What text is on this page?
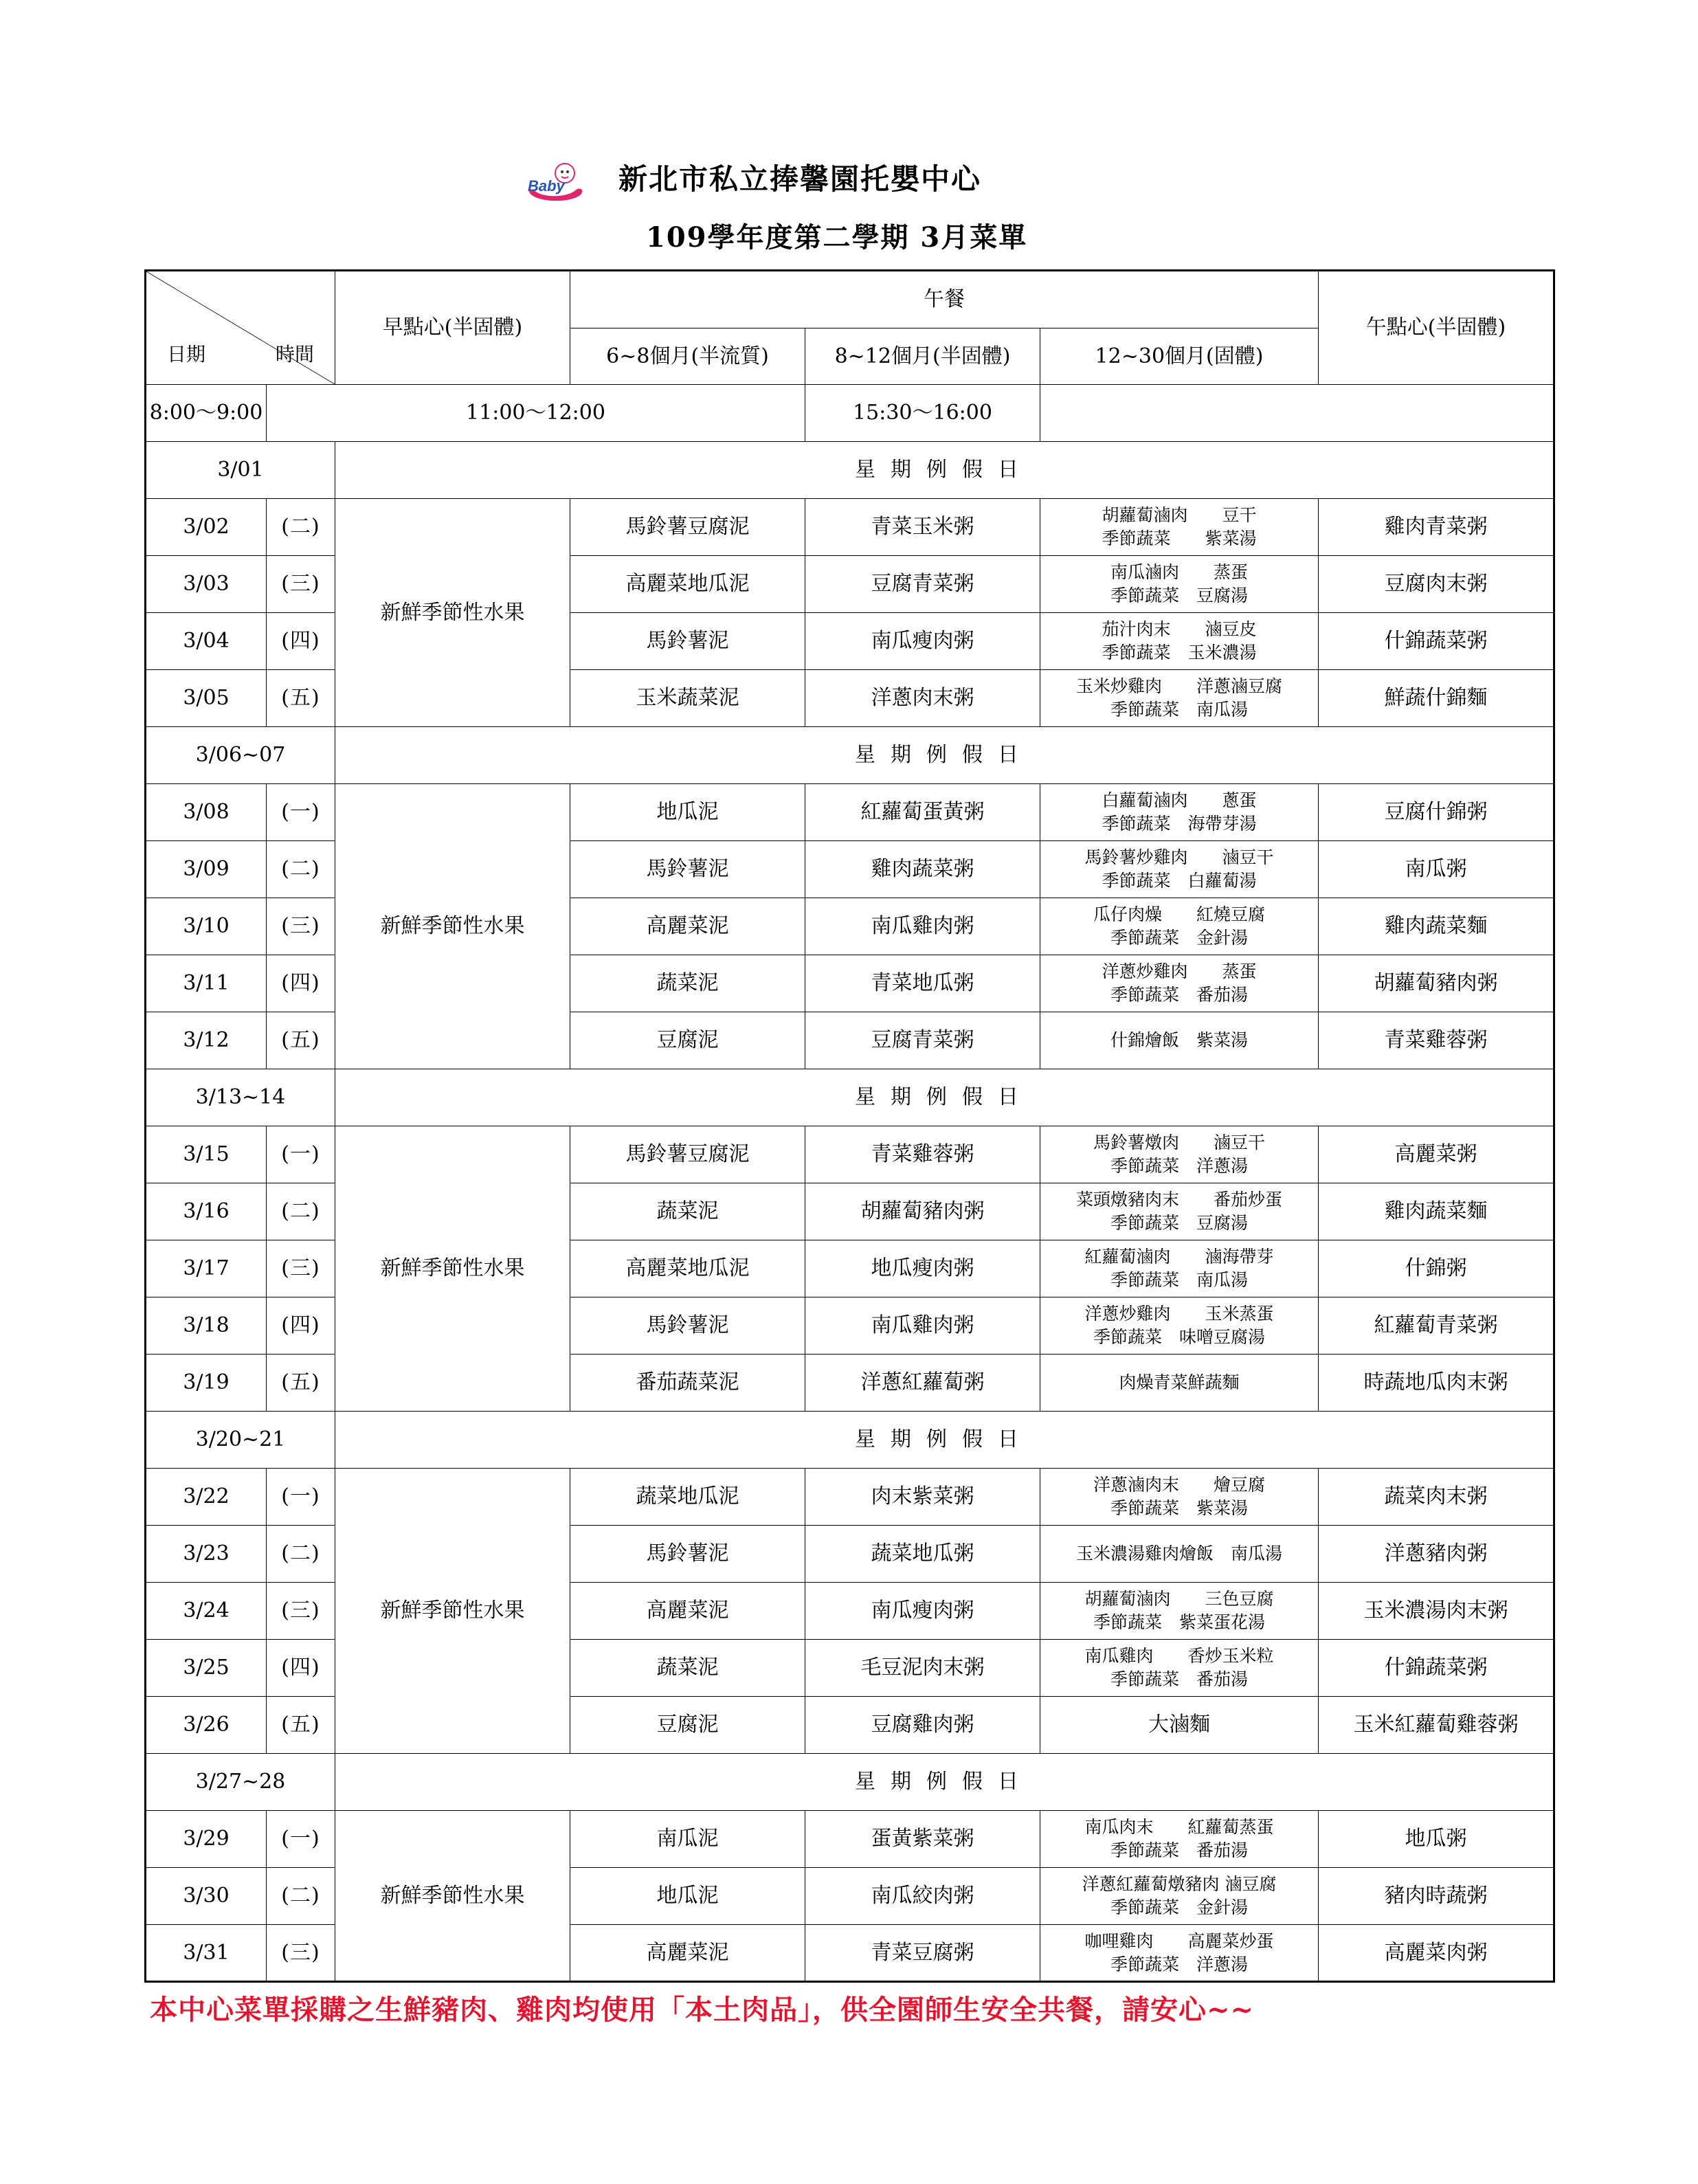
Baby 新北市私立捧馨園托嬰中心
109學年度第二學期 3月菜單
日期 時間		早點心(半固體)	午餐			午點心(半固體)
			6~8個月(半流質)	8~12個月(半固體)	12~30個月(固體)	
8:00～9:00	11:00～12:00			15:30～16:00		
3/01		星期例假日				
3/02	(二)	新鮮季節性水果	馬鈴薯豆腐泥	青菜玉米粥	胡蘿蔔滷肉　　豆干
季節蔬菜　　紫菜湯	雞肉青菜粥
3/03	(三)		高麗菜地瓜泥	豆腐青菜粥	南瓜滷肉　　蒸蛋
季節蔬菜　豆腐湯	豆腐肉末粥
3/04	(四)		馬鈴薯泥	南瓜瘦肉粥	茄汁肉末　　滷豆皮
季節蔬菜　玉米濃湯	什錦蔬菜粥
3/05	(五)		玉米蔬菜泥	洋蔥肉末粥	玉米炒雞肉　　洋蔥滷豆腐
季節蔬菜　南瓜湯	鮮蔬什錦麵
3/06~07		星期例假日				
3/08	(一)	新鮮季節性水果	地瓜泥	紅蘿蔔蛋黃粥	白蘿蔔滷肉　　蔥蛋
季節蔬菜　海帶芽湯	豆腐什錦粥
3/09	(二)		馬鈴薯泥	雞肉蔬菜粥	馬鈴薯炒雞肉　　滷豆干
季節蔬菜　白蘿蔔湯	南瓜粥
3/10	(三)		高麗菜泥	南瓜雞肉粥	瓜仔肉燥　　紅燒豆腐
季節蔬菜　金針湯	雞肉蔬菜麵
3/11	(四)		蔬菜泥	青菜地瓜粥	洋蔥炒雞肉　　蒸蛋
季節蔬菜　番茄湯	胡蘿蔔豬肉粥
3/12	(五)		豆腐泥	豆腐青菜粥	什錦燴飯　紫菜湯	青菜雞蓉粥
3/13~14		星期例假日				
3/15	(一)	新鮮季節性水果	馬鈴薯豆腐泥	青菜雞蓉粥	馬鈴薯燉肉　　滷豆干
季節蔬菜　洋蔥湯	高麗菜粥
3/16	(二)		蔬菜泥	胡蘿蔔豬肉粥	菜頭燉豬肉末　　番茄炒蛋
季節蔬菜　豆腐湯	雞肉蔬菜麵
3/17	(三)		高麗菜地瓜泥	地瓜瘦肉粥	紅蘿蔔滷肉　　滷海帶芽
季節蔬菜　南瓜湯	什錦粥
3/18	(四)		馬鈴薯泥	南瓜雞肉粥	洋蔥炒雞肉　　玉米蒸蛋
季節蔬菜　味噌豆腐湯	紅蘿蔔青菜粥
3/19	(五)		番茄蔬菜泥	洋蔥紅蘿蔔粥	肉燥青菜鮮蔬麵	時蔬地瓜肉末粥
3/20~21		星期例假日				
3/22	(一)	新鮮季節性水果	蔬菜地瓜泥	肉末紫菜粥	洋蔥滷肉末　　燴豆腐
季節蔬菜　紫菜湯	蔬菜肉末粥
3/23	(二)		馬鈴薯泥	蔬菜地瓜粥	玉米濃湯雞肉燴飯　南瓜湯	洋蔥豬肉粥
3/24	(三)		高麗菜泥	南瓜瘦肉粥	胡蘿蔔滷肉　　三色豆腐
季節蔬菜　紫菜蛋花湯	玉米濃湯肉末粥
3/25	(四)		蔬菜泥	毛豆泥肉末粥	南瓜雞肉　　香炒玉米粒
季節蔬菜　番茄湯	什錦蔬菜粥
3/26	(五)		豆腐泥	豆腐雞肉粥	大滷麵	玉米紅蘿蔔雞蓉粥
3/27~28		星期例假日				
3/29	(一)	新鮮季節性水果	南瓜泥	蛋黃紫菜粥	南瓜肉末　　紅蘿蔔蒸蛋
季節蔬菜　番茄湯	地瓜粥
3/30	(二)		地瓜泥	南瓜絞肉粥	洋蔥紅蘿蔔燉豬肉 滷豆腐
季節蔬菜　金針湯	豬肉時蔬粥
3/31	(三)		高麗菜泥	青菜豆腐粥	咖哩雞肉　　高麗菜炒蛋
季節蔬菜　洋蔥湯	高麗菜肉粥
本中心菜單採購之生鮮豬肉、雞肉均使用「本土肉品」，供全園師生安全共餐，請安心~~
